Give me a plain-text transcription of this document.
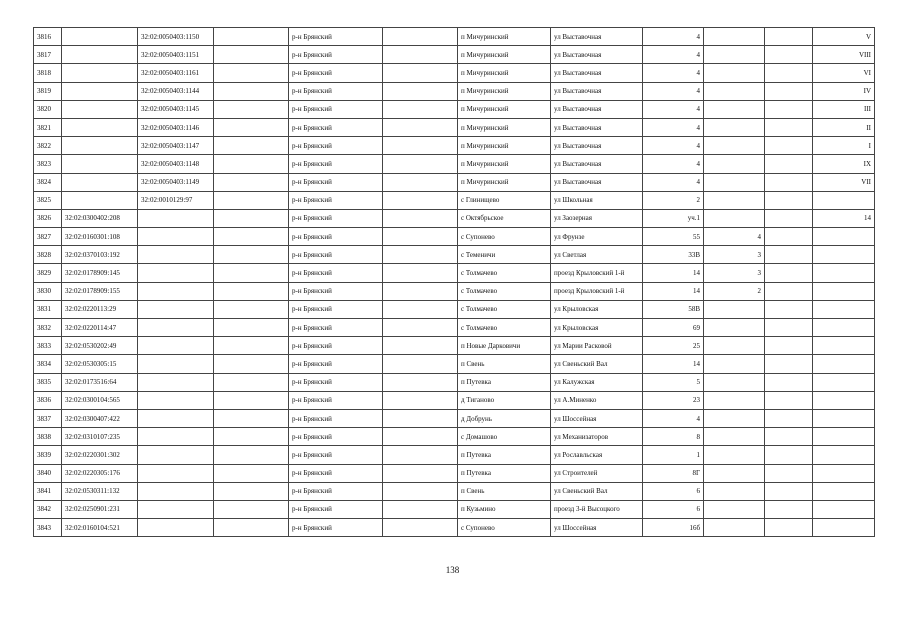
3816		32:02:0050403:1150		р-н Брянский		п Мичуринский	ул Выставочная	4			V
3817		32:02:0050403:1151		р-н Брянский		п Мичуринский	ул Выставочная	4			VIII
3818		32:02:0050403:1161		р-н Брянский		п Мичуринский	ул Выставочная	4			VI
3819		32:02:0050403:1144		р-н Брянский		п Мичуринский	ул Выставочная	4			IV
3820		32:02:0050403:1145		р-н Брянский		п Мичуринский	ул Выставочная	4			III
3821		32:02:0050403:1146		р-н Брянский		п Мичуринский	ул Выставочная	4			II
3822		32:02:0050403:1147		р-н Брянский		п Мичуринский	ул Выставочная	4			I
3823		32:02:0050403:1148		р-н Брянский		п Мичуринский	ул Выставочная	4			IX
3824		32:02:0050403:1149		р-н Брянский		п Мичуринский	ул Выставочная	4			VII
3825		32:02:0010129:97		р-н Брянский		с Глинищево	ул Школьная	2			
3826	32:02:0300402:208			р-н Брянский		с Октябрьское	ул Заозерная	уч.1			14
3827	32:02:0160301:108			р-н Брянский		с Супонево	ул Фрунзе	55	4		
3828	32:02:0370103:192			р-н Брянский		с Теменичи	ул Светлая	33В	3		
3829	32:02:0178909:145			р-н Брянский		с Толмачево	проезд Крыловский 1-й	14	3		
3830	32:02:0178909:155			р-н Брянский		с Толмачево	проезд Крыловский 1-й	14	2		
3831	32:02:0220113:29			р-н Брянский		с Толмачево	ул Крыловская	58В			
3832	32:02:0220114:47			р-н Брянский		с Толмачево	ул Крыловская	69			
3833	32:02:0530202:49			р-н Брянский		п Новые Дарковичи	ул Марии Расковой	25			
3834	32:02:0530305:15			р-н Брянский		п Свень	ул Свеньский Вал	14			
3835	32:02:0173516:64			р-н Брянский		п Путевка	ул Калужская	5			
3836	32:02:0300104:565			р-н Брянский		д Тиганово	ул А.Миненко	23			
3837	32:02:0300407:422			р-н Брянский		д Добрунь	ул Шоссейная	4			
3838	32:02:0310107:235			р-н Брянский		с Домашово	ул Механизаторов	8			
3839	32:02:0220301:302			р-н Брянский		п Путевка	ул Рославльская	1			
3840	32:02:0220305:176			р-н Брянский		п Путевка	ул Строителей	8Г			
3841	32:02:0530311:132			р-н Брянский		п Свень	ул Свеньский Вал	6			
3842	32:02:0250901:231			р-н Брянский		п Кузьмино	проезд 3-й Высоцкого	6			
3843	32:02:0160104:521			р-н Брянский		с Супонево	ул Шоссейная	16б			
138
